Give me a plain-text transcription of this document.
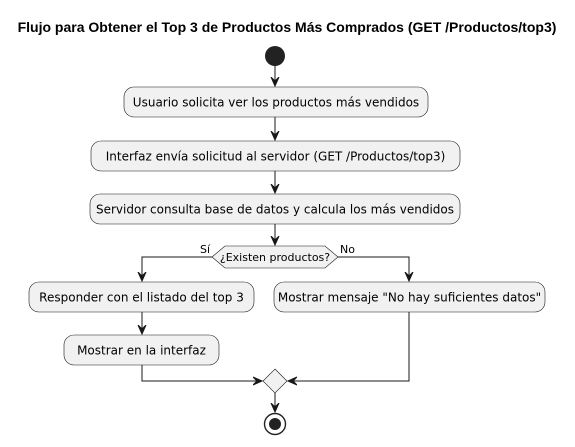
Flujo para Obtener el Top 3 de Productos Más Comprados (GET /Productos/top3)
Usuario solicita ver los productos más vendidos
Interfaz envía solicitud al servidor (GET /Productos/top3)
Servidor consulta base de datos y calcula los más vendidos
¿Existen productos?
Sí	No
Responder con el listado del top 3	Mostrar mensaje "No hay suficientes datos"
Mostrar en la interfaz
